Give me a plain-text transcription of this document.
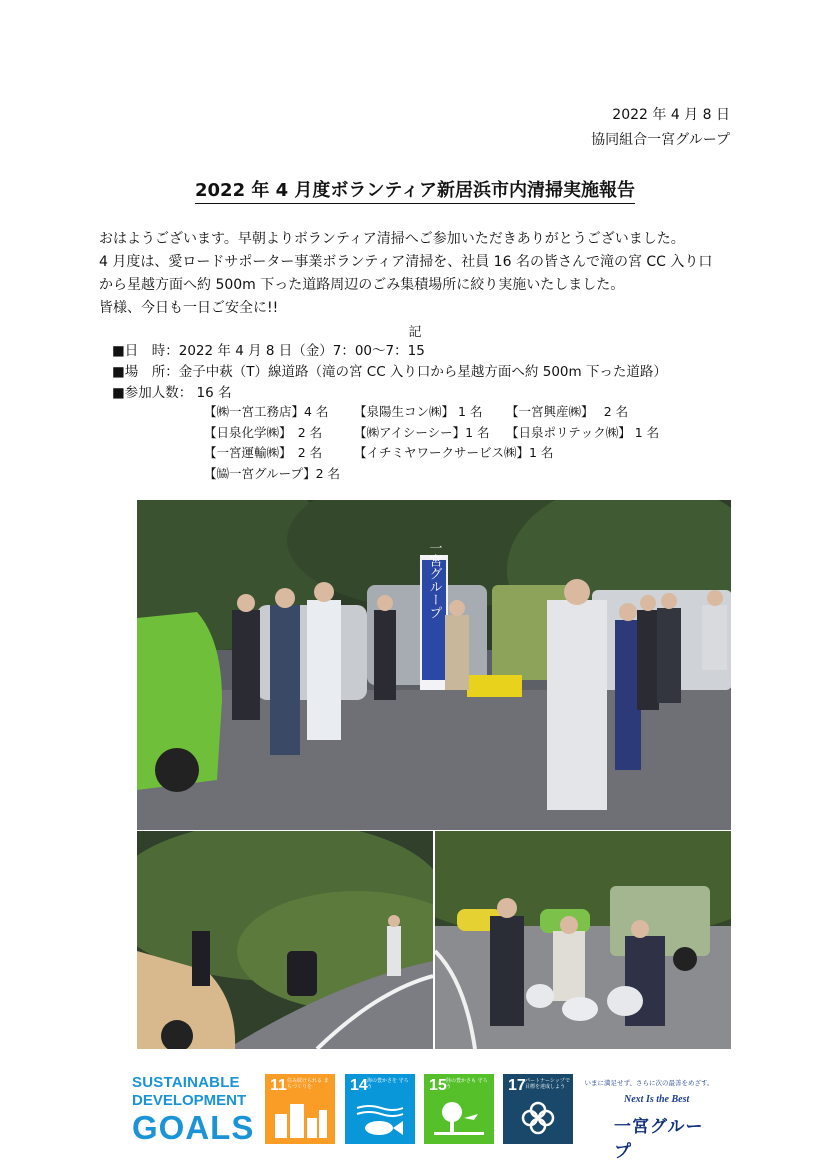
2022 年 4 月 8 日
協同組合一宮グループ
2022 年 4 月度ボランティア新居浜市内清掃実施報告

おはようございます。早朝よりボランティア清掃へご参加いただきありがとうございました。

4 月度は、愛ロードサポーター事業ボランティア清掃を、社員 16 名の皆さんで滝の宮 CC 入り口

から星越方面へ約 500m 下った道路周辺のごみ集積場所に絞り実施いたしました。

皆様、今日も一日ご安全に!!

記

■日　時：2022 年 4 月 8 日（金）7：00～7：15

■場　所：金子中萩（T）線道路（滝の宮 CC 入り口から星越方面へ約 500m 下った道路）

■参加人数： 16 名

【㈱一宮工務店】4 名 【泉陽生コン㈱】 1 名 【一宮興産㈱】　 2 名
【日泉化学㈱】　2 名	【㈱アイシーシー】1 名 【日泉ポリテック㈱】 1 名
【一宮運輸㈱】　2 名	【イチミヤワークサービス㈱】1 名
【㈿一宮グループ】2 名
一宮グループ
SUSTAINABLE
DEVELOPMENT
GOALS
11 住み続けられる まちづくりを	14 海の豊かさを 守ろう	15 陸の豊かさも 守ろう	17 パートナーシップで 目標を達成しよう	いまに満足せず、さらに次の最善をめざす。
Next Is the Best
一宮グループ
